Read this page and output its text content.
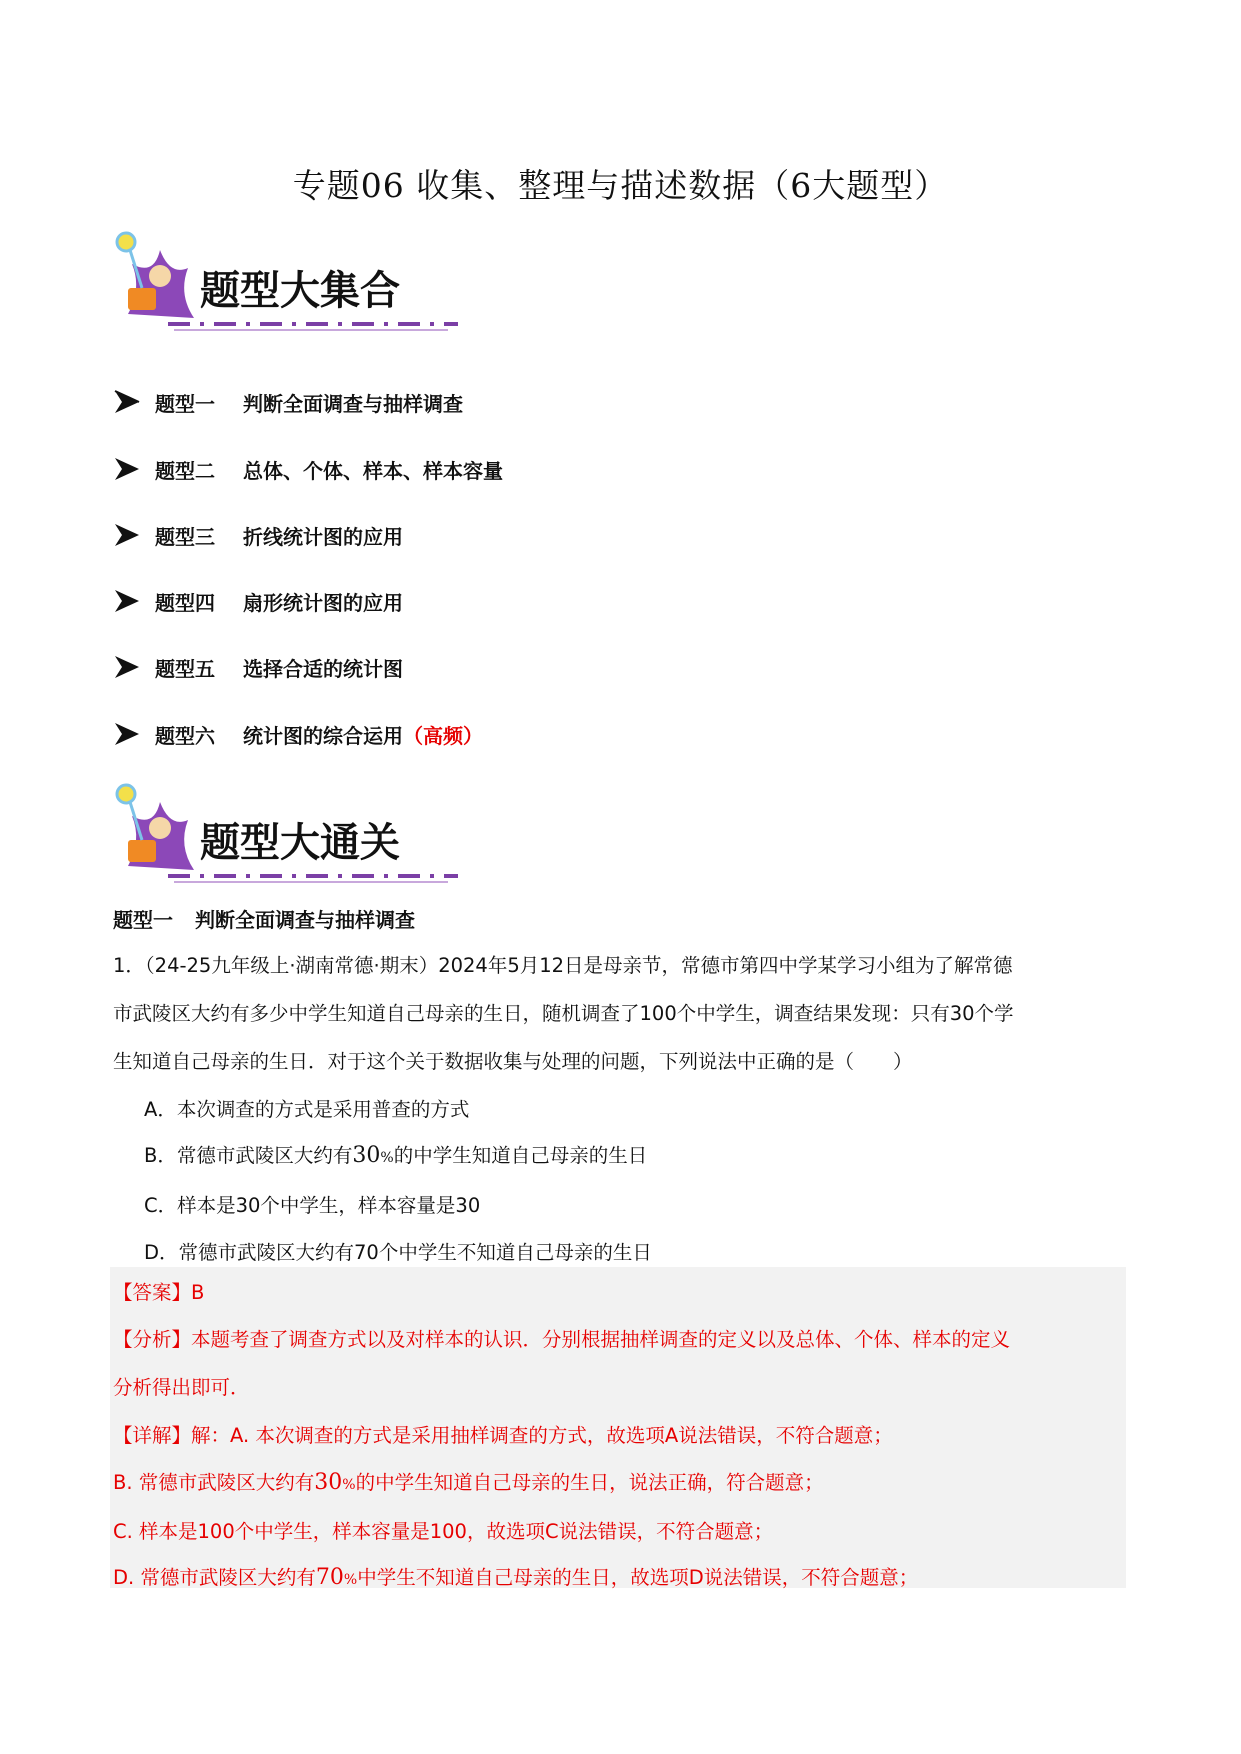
专题06 收集、整理与描述数据（6大题型）
题型大集合
题型一	判断全面调查与抽样调查
题型二	总体、个体、样本、样本容量
题型三	折线统计图的应用
题型四	扇形统计图的应用
题型五	选择合适的统计图
题型六	统计图的综合运用 （高频）
题型大通关
题型一 判断全面调查与抽样调查
1．（24-25九年级上·湖南常德·期末）2024年5月12日是母亲节，常德市第四中学某学习小组为了解常德
市武陵区大约有多少中学生知道自己母亲的生日，随机调查了100个中学生，调查结果发现：只有30个学
生知道自己母亲的生日．对于这个关于数据收集与处理的问题，下列说法中正确的是（　　）
A．本次调查的方式是采用普查的方式
B．常德市武陵区大约有30%的中学生知道自己母亲的生日
C．样本是30个中学生，样本容量是30
D．常德市武陵区大约有70个中学生不知道自己母亲的生日
【答案】B
【分析】本题考查了调查方式以及对样本的认识．分别根据抽样调查的定义以及总体、个体、样本的定义
分析得出即可．
【详解】解：A. 本次调查的方式是采用抽样调查的方式，故选项A说法错误，不符合题意；
B. 常德市武陵区大约有30%的中学生知道自己母亲的生日，说法正确，符合题意；
C. 样本是100个中学生，样本容量是100，故选项C说法错误，不符合题意；
D. 常德市武陵区大约有70%中学生不知道自己母亲的生日，故选项D说法错误，不符合题意；
